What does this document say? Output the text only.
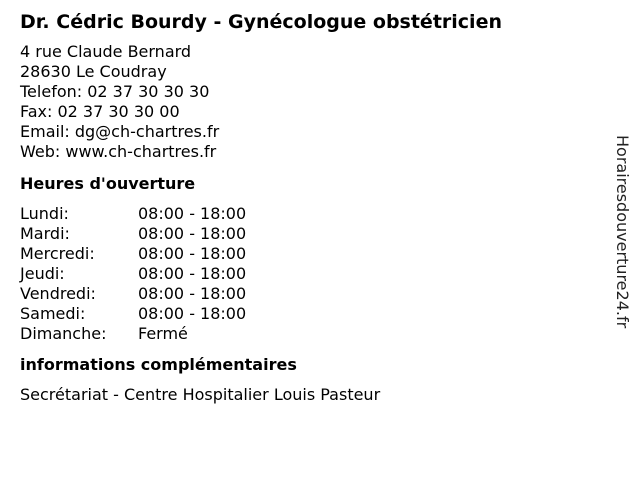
Dr. Cédric Bourdy - Gynécologue obstétricien
4 rue Claude Bernard
28630 Le Coudray
Telefon: 02 37 30 30 30
Fax: 02 37 30 30 00
Email: dg@ch-chartres.fr
Web: www.ch-chartres.fr
Heures d'ouverture
Lundi:	08:00 - 18:00
Mardi:	08:00 - 18:00
Mercredi:	08:00 - 18:00
Jeudi:	08:00 - 18:00
Vendredi:	08:00 - 18:00
Samedi:	08:00 - 18:00
Dimanche:	Fermé
informations complémentaires
Secrétariat - Centre Hospitalier Louis Pasteur
Horairesdouverture24.fr
